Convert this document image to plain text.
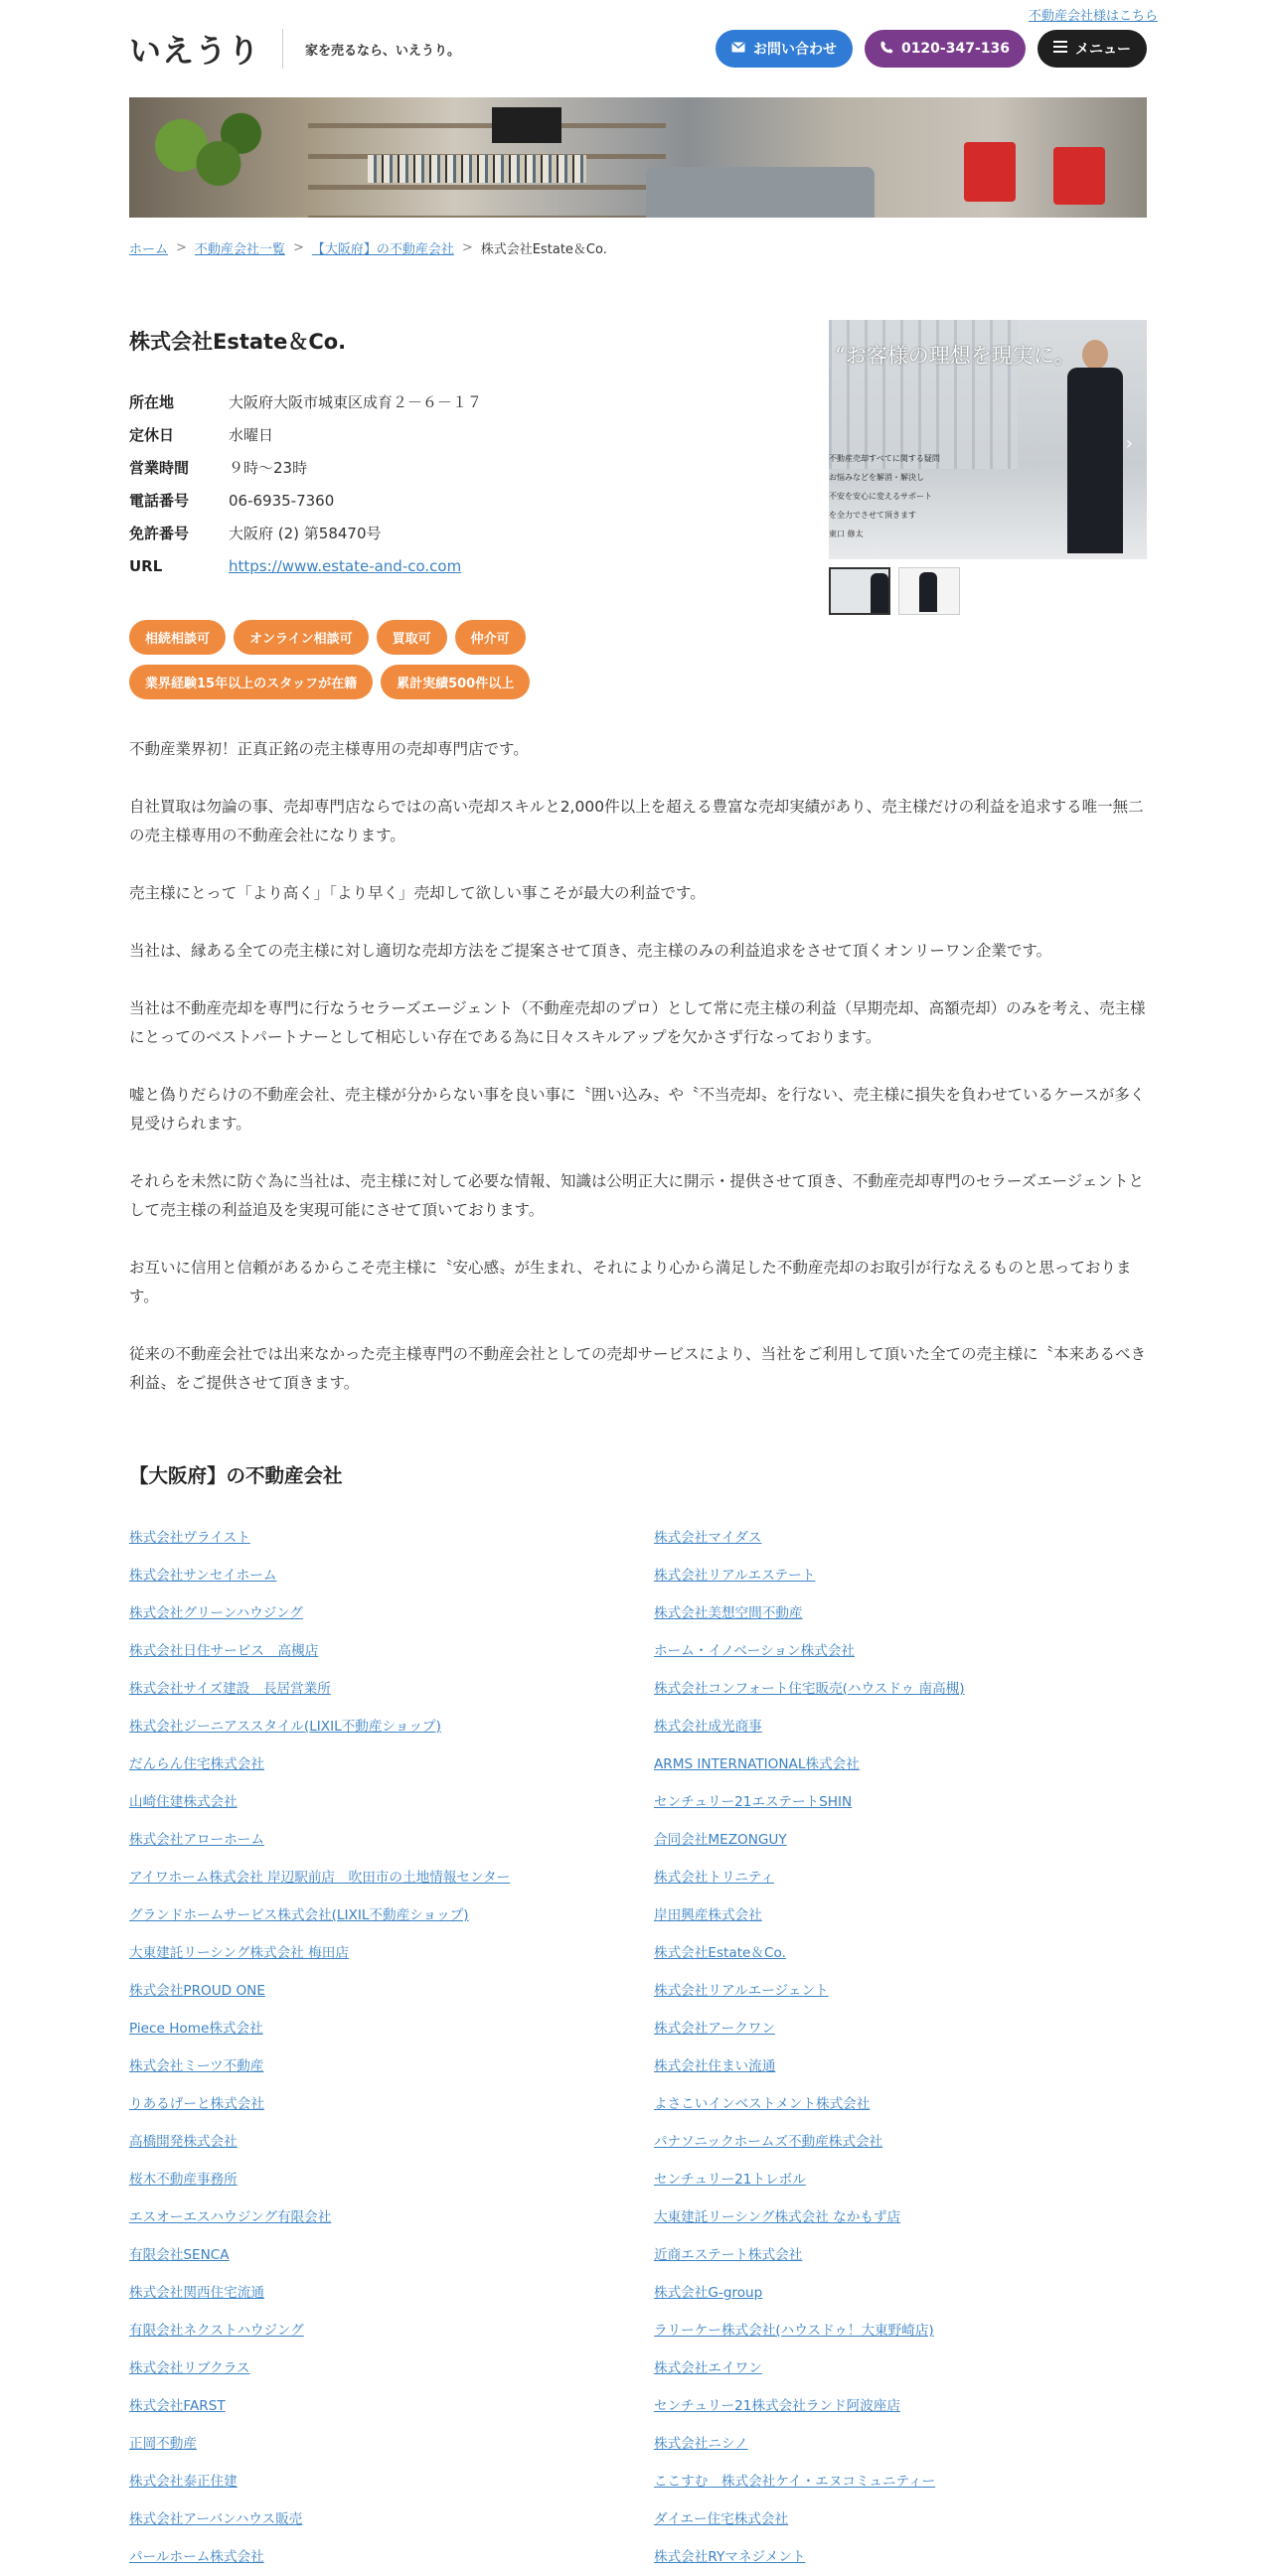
不動産会社様はこちら
いえうり	家を売るなら、いえうり。	お問い合わせ	0120-347-136	メニュー
ホーム > 不動産会社一覧 > 【大阪府】の不動産会社 > 株式会社Estate＆Co.
株式会社Estate＆Co.
所在地	大阪府大阪市城東区成育２－６－１７
定休日	水曜日
営業時間	９時～23時
電話番号	06-6935-7360
免許番号	大阪府 (2) 第58470号
URL	https://www.estate-and-co.com
“お客様の理想を現実に。
不動産売却すべてに関する疑問
お悩みなどを解消・解決し
不安を安心に変えるサポート
を全力でさせて頂きます
東口 修太
›
相続相談可	オンライン相談可	買取可	仲介可
業界経験15年以上のスタッフが在籍	累計実績500件以上

不動産業界初！正真正銘の売主様専用の売却専門店です。

自社買取は勿論の事、売却専門店ならではの高い売却スキルと2,000件以上を超える豊富な売却実績があり、売主様だけの利益を追求する唯一無二の売主様専用の不動産会社になります。

売主様にとって「より高く」「より早く」売却して欲しい事こそが最大の利益です。

当社は、縁ある全ての売主様に対し適切な売却方法をご提案させて頂き、売主様のみの利益追求をさせて頂くオンリーワン企業です。

当社は不動産売却を専門に行なうセラーズエージェント（不動産売却のプロ）として常に売主様の利益（早期売却、高額売却）のみを考え、売主様にとってのベストパートナーとして相応しい存在である為に日々スキルアップを欠かさず行なっております。

嘘と偽りだらけの不動産会社、売主様が分からない事を良い事に〝囲い込み〟や〝不当売却〟を行ない、売主様に損失を負わせているケースが多く見受けられます。

それらを未然に防ぐ為に当社は、売主様に対して必要な情報、知識は公明正大に開示・提供させて頂き、不動産売却専門のセラーズエージェントとして売主様の利益追及を実現可能にさせて頂いております。

お互いに信用と信頼があるからこそ売主様に〝安心感〟が生まれ、それにより心から満足した不動産売却のお取引が行なえるものと思っております。

従来の不動産会社では出来なかった売主様専門の不動産会社としての売却サービスにより、当社をご利用して頂いた全ての売主様に〝本来あるべき利益〟をご提供させて頂きます。

【大阪府】の不動産会社
株式会社ヴライスト	株式会社マイダス
株式会社サンセイホーム	株式会社リアルエステート
株式会社グリーンハウジング	株式会社美想空間不動産
株式会社日住サービス　高槻店	ホーム・イノベーション株式会社
株式会社サイズ建設　長居営業所	株式会社コンフォート住宅販売(ハウスドゥ 南高槻)
株式会社ジーニアススタイル(LIXIL不動産ショップ)	株式会社成光商事
だんらん住宅株式会社	ARMS INTERNATIONAL株式会社
山崎住建株式会社	センチュリー21エステートSHIN
株式会社アローホーム	合同会社MEZONGUY
アイワホーム株式会社 岸辺駅前店　吹田市の土地情報センター	株式会社トリニティ
グランドホームサービス株式会社(LIXIL不動産ショップ)	岸田興産株式会社
大東建託リーシング株式会社 梅田店	株式会社Estate＆Co.
株式会社PROUD ONE	株式会社リアルエージェント
Piece Home株式会社	株式会社アークワン
株式会社ミーツ不動産	株式会社住まい流通
りあるげーと株式会社	よさこいインベストメント株式会社
高橋開発株式会社	パナソニックホームズ不動産株式会社
桜木不動産事務所	センチュリー21トレボル
エスオーエスハウジング有限会社	大東建託リーシング株式会社 なかもず店
有限会社SENCA	近商エステート株式会社
株式会社関西住宅流通	株式会社G-group
有限会社ネクストハウジング	ラリーケー株式会社(ハウスドゥ！大東野崎店)
株式会社リブクラス	株式会社エイワン
株式会社FARST	センチュリー21株式会社ランド阿波座店
正岡不動産	株式会社ニシノ
株式会社泰正住建	ここすむ　株式会社ケイ・エヌコミュニティー
株式会社アーバンハウス販売	ダイエー住宅株式会社
パールホーム株式会社	株式会社RYマネジメント
